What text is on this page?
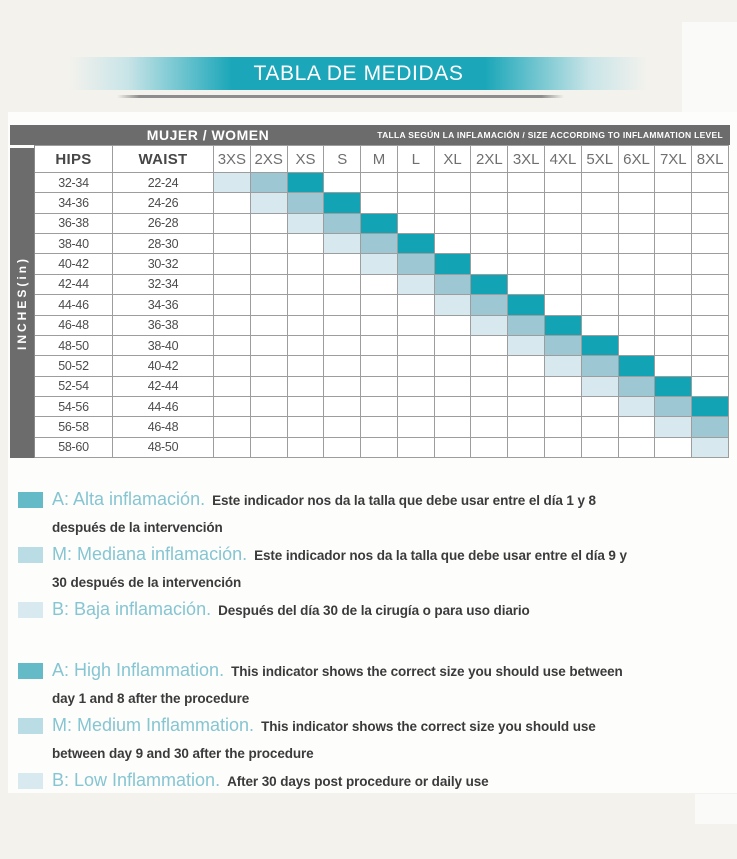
TABLA DE MEDIDAS
MUJER / WOMEN	TALLA SEGÚN LA INFLAMACIÓN / SIZE ACCORDING TO INFLAMMATION LEVEL
INCHES(in)
HIPS	WAIST	3XS 2XS XS	S	M	L	XL 2XL 3XL 4XL 5XL 6XL 7XL 8XL
32-34	22-24
34-36	24-26
36-38	26-28
38-40	28-30
40-42	30-32
42-44	32-34
44-46	34-36
46-48	36-38
48-50	38-40
50-52	40-42
52-54	42-44
54-56	44-46
56-58	46-48
58-60	48-50
A: Alta inflamación. Este indicador nos da la talla que debe usar entre el día 1 y 8
después de la intervención
M: Mediana inflamación. Este indicador nos da la talla que debe usar entre el día 9 y
30 después de la intervención
B: Baja inflamación. Después del día 30 de la cirugía o para uso diario
A: High Inflammation. This indicator shows the correct size you should use between
day 1 and 8 after the procedure
M: Medium Inflammation. This indicator shows the correct size you should use
between day 9 and 30 after the procedure
B: Low Inflammation. After 30 days post procedure or daily use
